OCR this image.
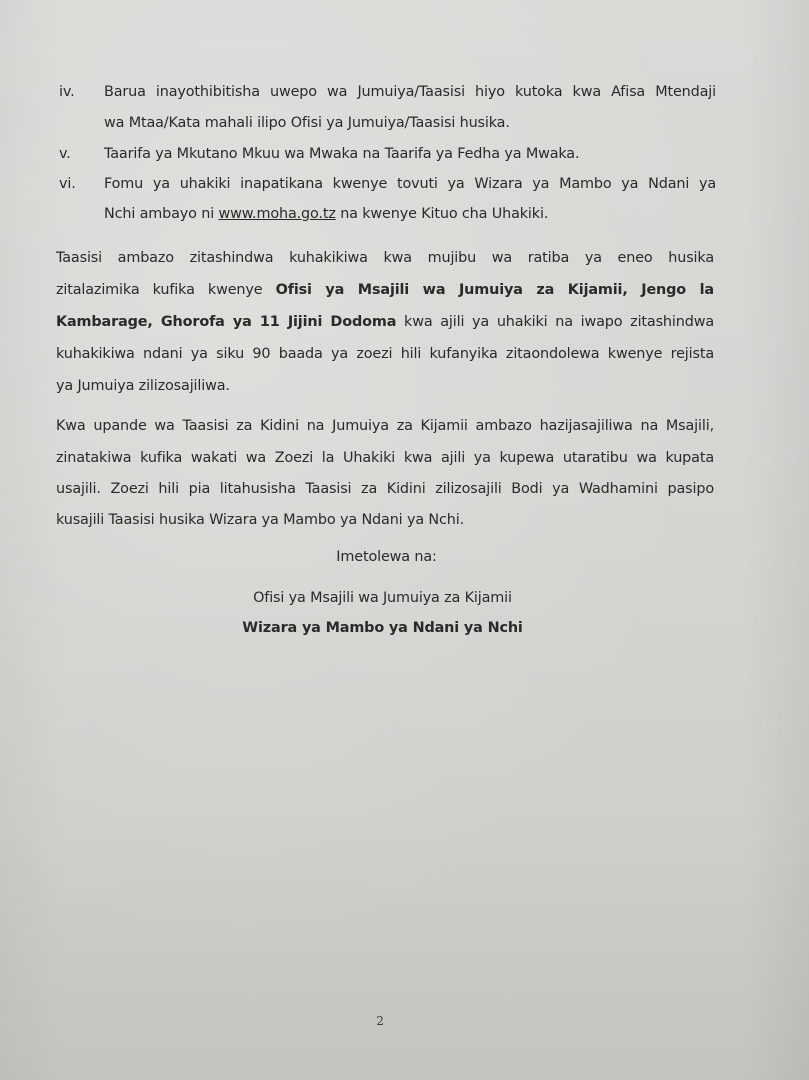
iv. Barua inayothibitisha uwepo wa Jumuiya/Taasisi hiyo kutoka kwa Afisa Mtendaji
wa Mtaa/Kata mahali ilipo Ofisi ya Jumuiya/Taasisi husika.
v. Taarifa ya Mkutano Mkuu wa Mwaka na Taarifa ya Fedha ya Mwaka.
vi. Fomu ya uhakiki inapatikana kwenye tovuti ya Wizara ya Mambo ya Ndani ya
Nchi ambayo ni www.moha.go.tz na kwenye Kituo cha Uhakiki.
Taasisi ambazo zitashindwa kuhakikiwa kwa mujibu wa ratiba ya eneo husika
zitalazimika kufika kwenye Ofisi ya Msajili wa Jumuiya za Kijamii, Jengo la
Kambarage, Ghorofa ya 11 Jijini Dodoma kwa ajili ya uhakiki na iwapo zitashindwa
kuhakikiwa ndani ya siku 90 baada ya zoezi hili kufanyika zitaondolewa kwenye rejista
ya Jumuiya zilizosajiliwa.
Kwa upande wa Taasisi za Kidini na Jumuiya za Kijamii ambazo hazijasajiliwa na Msajili,
zinatakiwa kufika wakati wa Zoezi la Uhakiki kwa ajili ya kupewa utaratibu wa kupata
usajili. Zoezi hili pia litahusisha Taasisi za Kidini zilizosajili Bodi ya Wadhamini pasipo
kusajili Taasisi husika Wizara ya Mambo ya Ndani ya Nchi.
Imetolewa na:
Ofisi ya Msajili wa Jumuiya za Kijamii
Wizara ya Mambo ya Ndani ya Nchi
2
